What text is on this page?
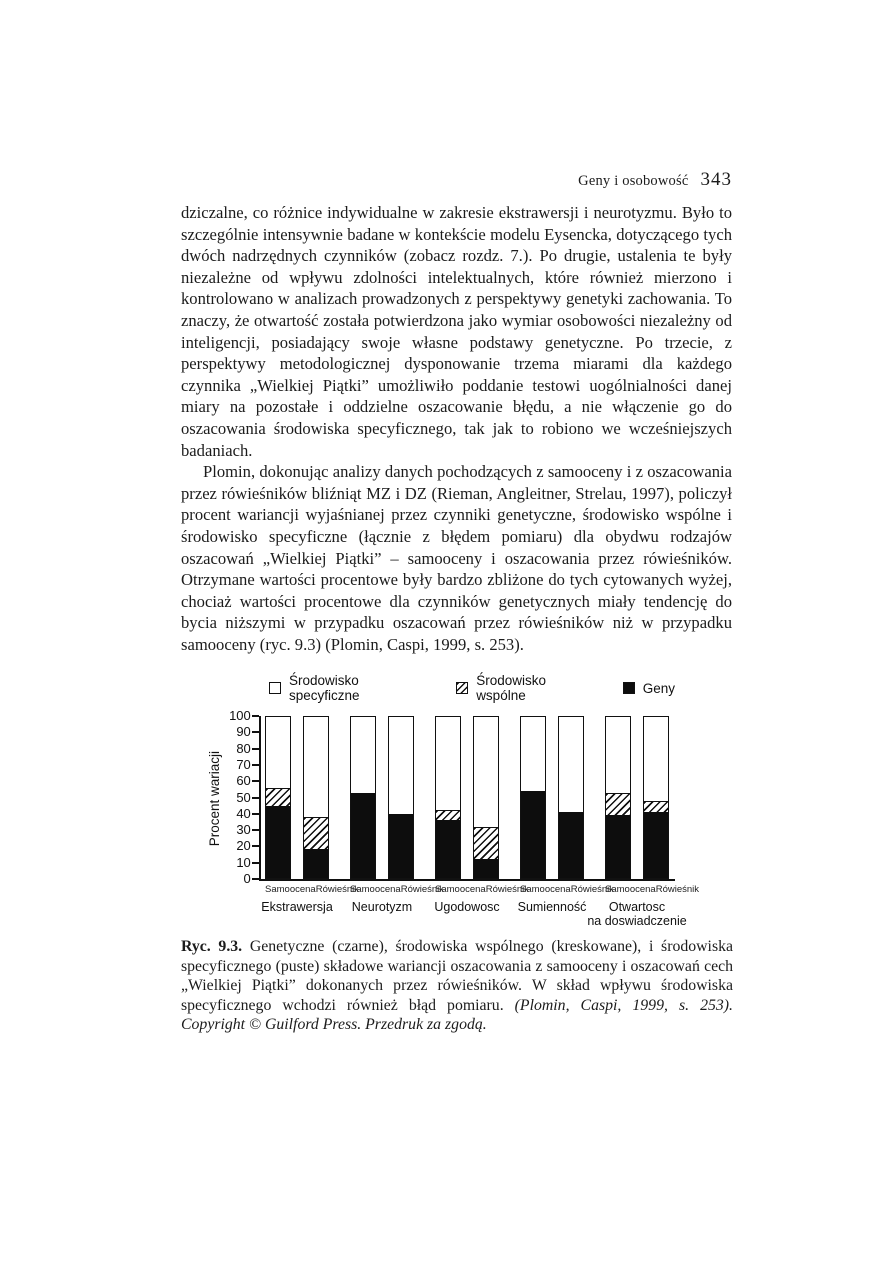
Geny i osobowość 343

dziczalne, co różnice indywidualne w zakresie ekstrawersji i neurotyzmu. Było to szczególnie intensywnie badane w kontekście modelu Eysencka, dotyczącego tych dwóch nadrzędnych czynników (zobacz rozdz. 7.). Po drugie, ustalenia te były niezależne od wpływu zdolności intelektualnych, które również mierzono i kontrolowano w analizach prowadzonych z perspektywy genetyki zachowania. To znaczy, że otwartość została potwierdzona jako wymiar osobowości niezależny od inteligencji, posiadający swoje własne podstawy genetyczne. Po trzecie, z perspektywy metodologicznej dysponowanie trzema miarami dla każdego czynnika „Wielkiej Piątki” umożliwiło poddanie testowi uogólnialności danej miary na pozostałe i oddzielne oszacowanie błędu, a nie włączenie go do oszacowania środowiska specyficznego, tak jak to robiono we wcześniejszych badaniach.

Plomin, dokonując analizy danych pochodzących z samooceny i z oszacowania przez rówieśników bliźniąt MZ i DZ (Rieman, Angleitner, Strelau, 1997), policzył procent wariancji wyjaśnianej przez czynniki genetyczne, środowisko wspólne i środowisko specyficzne (łącznie z błędem pomiaru) dla obydwu rodzajów oszacowań „Wielkiej Piątki” – samooceny i oszacowania przez rówieśników. Otrzymane wartości procentowe były bardzo zbliżone do tych cytowanych wyżej, chociaż wartości procentowe dla czynników genetycznych miały tendencję do bycia niższymi w przypadku oszacowań przez rówieśników niż w przypadku samooceny (ryc. 9.3) (Plomin, Caspi, 1999, s. 253).

Środowisko specyficzne
Środowisko wspólne	Geny
Procent wariacji
0
10
20
30
40
50
60
70
80
90
100
Samoocena Rówieśnik
Ekstrawersja
Samoocena Rówieśnik
Neurotyzm
Samoocena Rówieśnik
Ugodowosc
Samoocena Rówieśnik
Sumienność
Samoocena Rówieśnik
Otwartosc
na doswiadczenie
Ryc. 9.3. Genetyczne (czarne), środowiska wspólnego (kreskowane), i środowiska specyficznego (puste) składowe wariancji oszacowania z samooceny i oszacowań cech „Wielkiej Piątki” dokonanych przez rówieśników. W skład wpływu środowiska specyficznego wchodzi również błąd pomiaru. (Plomin, Caspi, 1999, s. 253). Copyright © Guilford Press. Przedruk za zgodą.
